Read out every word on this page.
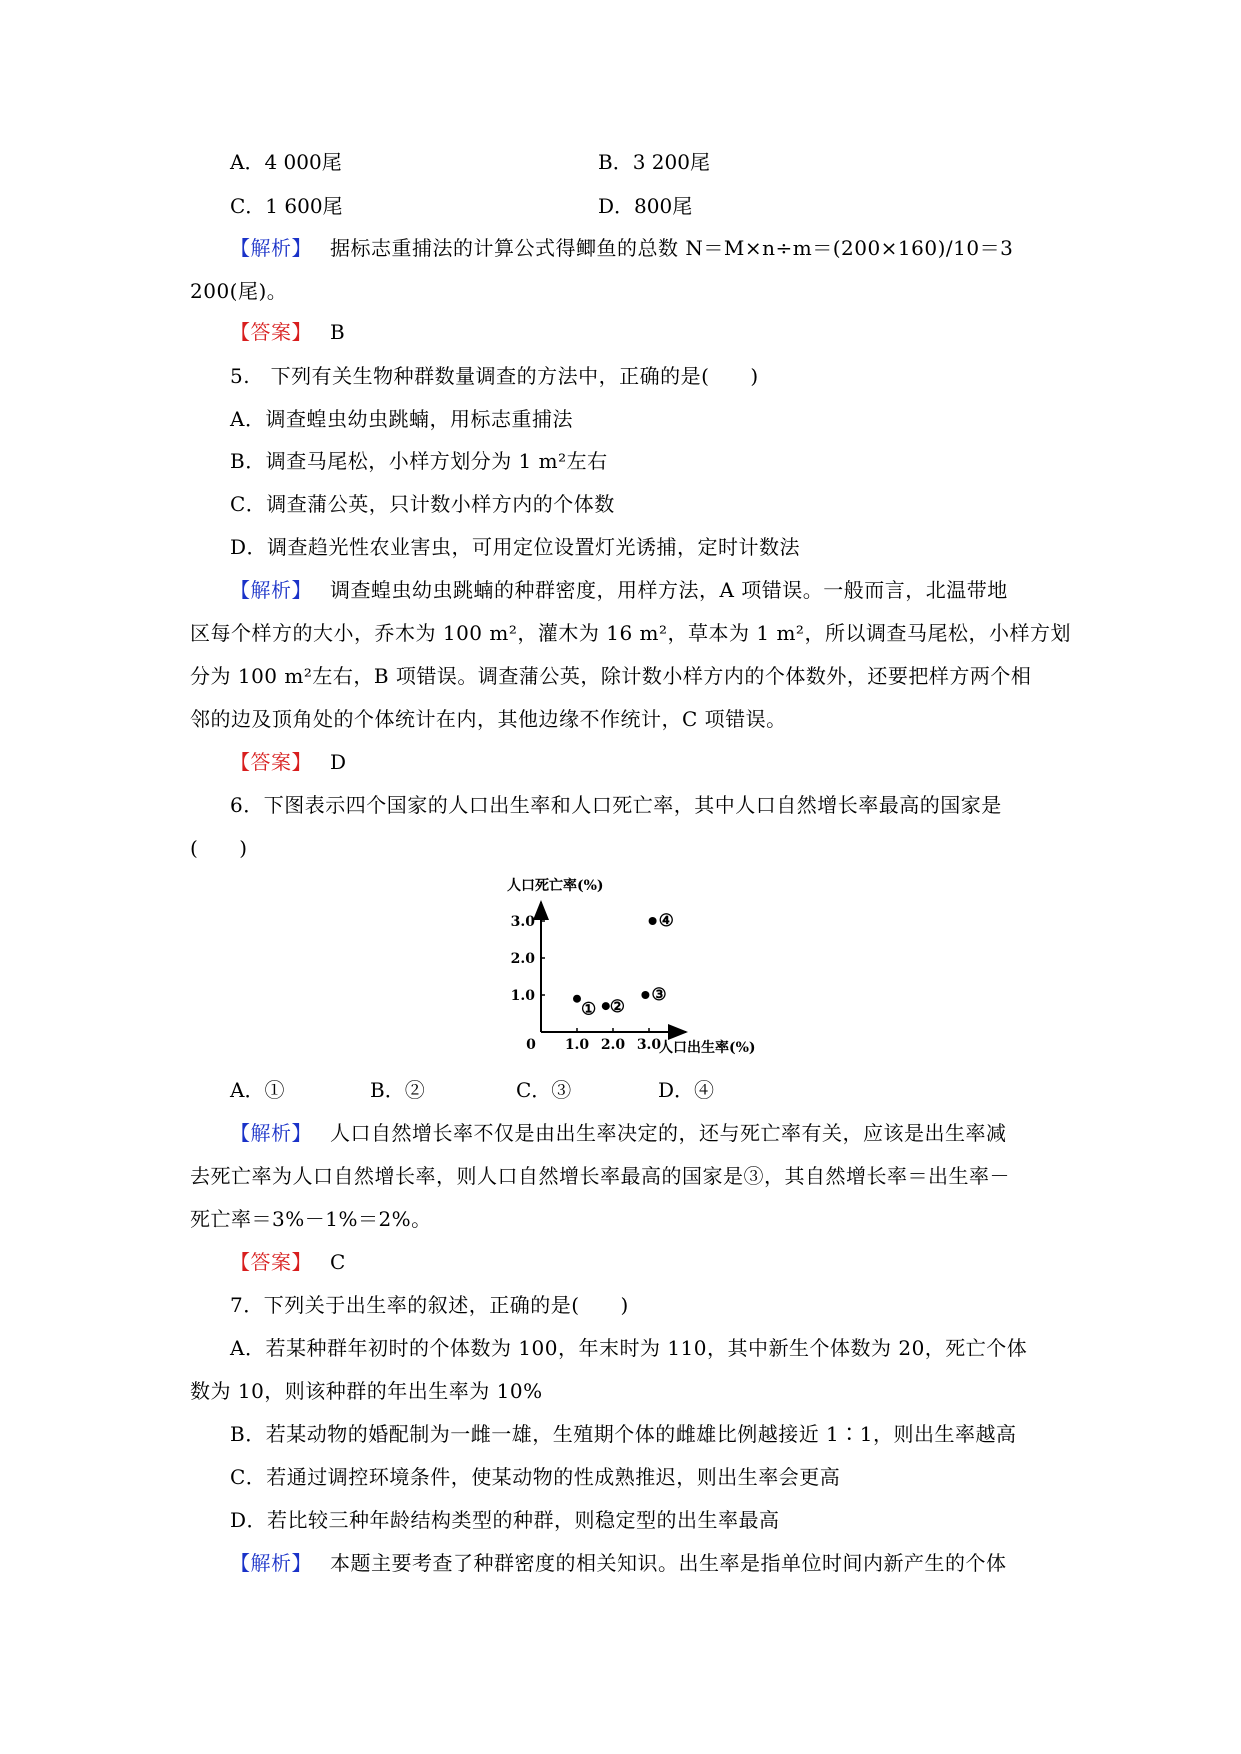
A．4 000尾	B．3 200尾
C．1 600尾	D．800尾
【解析】 据标志重捕法的计算公式得鲫鱼的总数 N＝M×n÷m＝(200×160)/10＝3
200(尾)。
【答案】 B
5.　下列有关生物种群数量调查的方法中，正确的是(　　)
A．调查蝗虫幼虫跳蝻，用标志重捕法
B．调查马尾松，小样方划分为 1 m²左右
C．调查蒲公英，只计数小样方内的个体数
D．调查趋光性农业害虫，可用定位设置灯光诱捕，定时计数法
【解析】 调查蝗虫幼虫跳蝻的种群密度，用样方法，A 项错误。一般而言，北温带地
区每个样方的大小，乔木为 100 m²，灌木为 16 m²，草本为 1 m²，所以调查马尾松，小样方划
分为 100 m²左右，B 项错误。调查蒲公英，除计数小样方内的个体数外，还要把样方两个相
邻的边及顶角处的个体统计在内，其他边缘不作统计，C 项错误。
【答案】 D
6．下图表示四个国家的人口出生率和人口死亡率，其中人口自然增长率最高的国家是
(　　)
人口死亡率(%)
0	人口出生率(%)
1.0 2.0 3.0
1.0
2.0
3.0
① ②
③
④
A．①	B．②	C．③	D．④
【解析】 人口自然增长率不仅是由出生率决定的，还与死亡率有关，应该是出生率减
去死亡率为人口自然增长率，则人口自然增长率最高的国家是③，其自然增长率＝出生率－
死亡率＝3%－1%＝2%。
【答案】 C
7．下列关于出生率的叙述，正确的是(　　)
A．若某种群年初时的个体数为 100，年末时为 110，其中新生个体数为 20，死亡个体
数为 10，则该种群的年出生率为 10%
B．若某动物的婚配制为一雌一雄，生殖期个体的雌雄比例越接近 1∶1，则出生率越高
C．若通过调控环境条件，使某动物的性成熟推迟，则出生率会更高
D．若比较三种年龄结构类型的种群，则稳定型的出生率最高
【解析】 本题主要考查了种群密度的相关知识。出生率是指单位时间内新产生的个体
